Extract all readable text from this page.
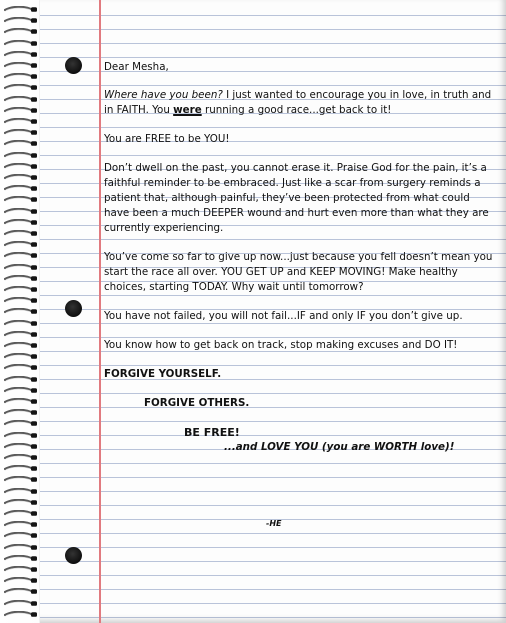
Dear Mesha,

Where have you been? I just wanted to encourage you in love, in truth and in FAITH. You were running a good race...get back to it!

You are FREE to be YOU!

Don’t dwell on the past, you cannot erase it. Praise God for the pain, it’s a faithful reminder to be embraced. Just like a scar from surgery reminds a patient that, although painful, they’ve been protected from what could have been a much DEEPER wound and hurt even more than what they are currently experiencing.

You’ve come so far to give up now...just because you fell doesn’t mean you start the race all over. YOU GET UP and KEEP MOVING! Make healthy choices, starting TODAY. Why wait until tomorrow?

You have not failed, you will not fail...IF and only IF you don’t give up.

You know how to get back on track, stop making excuses and DO IT!

FORGIVE YOURSELF.

FORGIVE OTHERS.

BE FREE!

...and LOVE YOU (you are WORTH love)!

-HE
